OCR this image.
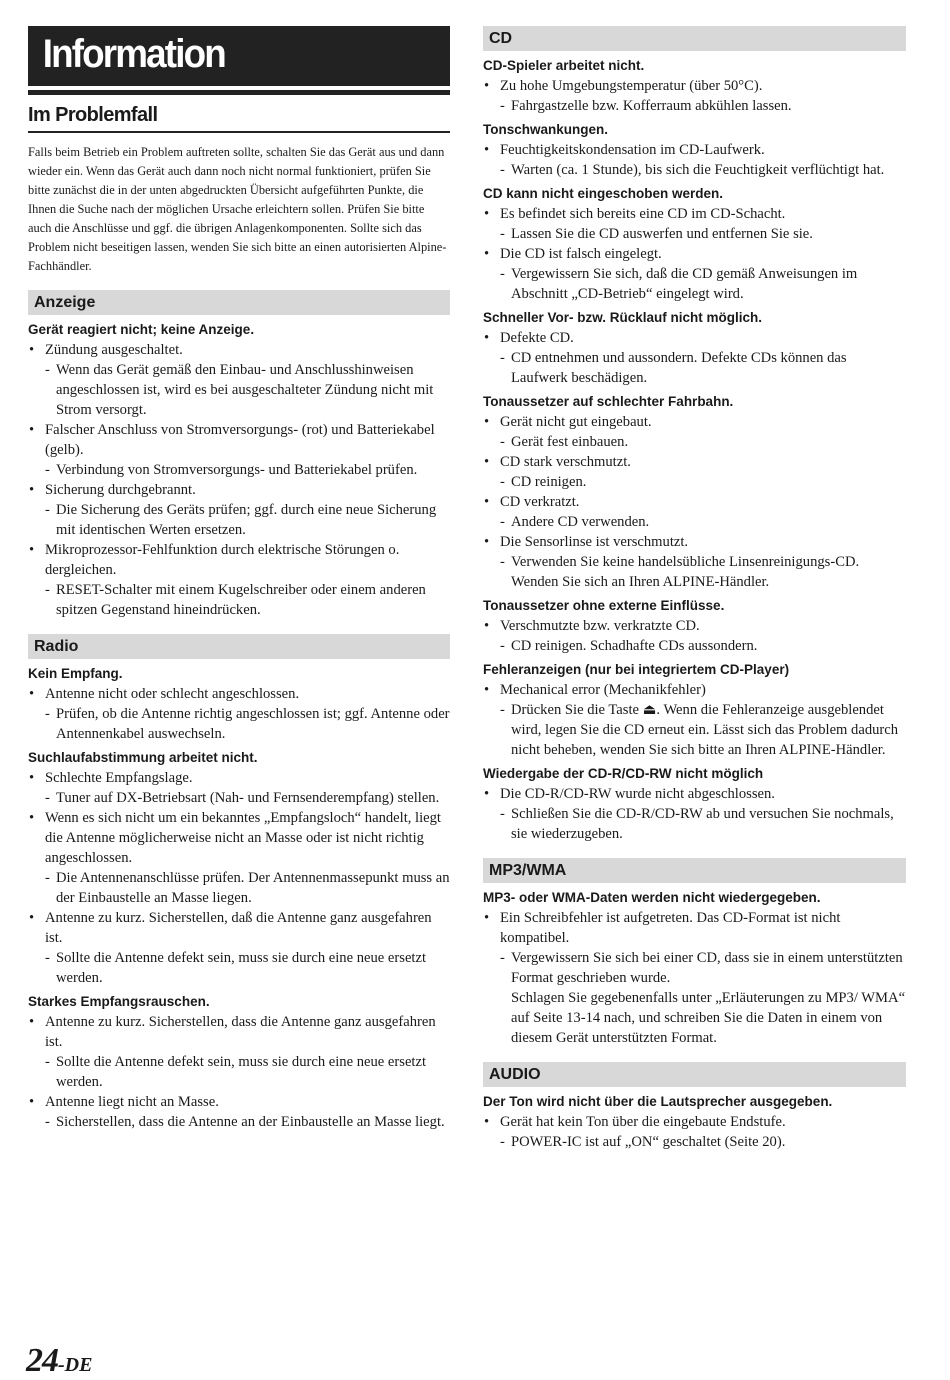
Information
Im Problemfall

Falls beim Betrieb ein Problem auftreten sollte, schalten Sie das Gerät aus und dann wieder ein. Wenn das Gerät auch dann noch nicht normal funktioniert, prüfen Sie bitte zunächst die in der unten abgedruckten Übersicht aufgeführten Punkte, die Ihnen die Suche nach der möglichen Ursache erleichtern sollen. Prüfen Sie bitte auch die Anschlüsse und ggf. die übrigen Anlagenkomponenten. Sollte sich das Problem nicht beseitigen lassen, wenden Sie sich bitte an einen autorisierten Alpine-Fachhändler.

Anzeige
Gerät reagiert nicht; keine Anzeige.
• Zündung ausgeschaltet.
- Wenn das Gerät gemäß den Einbau- und Anschlusshinweisen angeschlossen ist, wird es bei ausgeschalteter Zündung nicht mit Strom versorgt.
• Falscher Anschluss von Stromversorgungs- (rot) und Batteriekabel (gelb).
- Verbindung von Stromversorgungs- und Batteriekabel prüfen.
• Sicherung durchgebrannt.
- Die Sicherung des Geräts prüfen; ggf. durch eine neue Sicherung mit identischen Werten ersetzen.
• Mikroprozessor-Fehlfunktion durch elektrische Störungen o. dergleichen.
- RESET-Schalter mit einem Kugelschreiber oder einem anderen spitzen Gegenstand hineindrücken.
Radio
Kein Empfang.
• Antenne nicht oder schlecht angeschlossen.
- Prüfen, ob die Antenne richtig angeschlossen ist; ggf. Antenne oder Antennenkabel auswechseln.
Suchlaufabstimmung arbeitet nicht.
• Schlechte Empfangslage.
- Tuner auf DX-Betriebsart (Nah- und Fernsenderempfang) stellen.
• Wenn es sich nicht um ein bekanntes „Empfangsloch“ handelt, liegt die Antenne möglicherweise nicht an Masse oder ist nicht richtig angeschlossen.
- Die Antennenanschlüsse prüfen. Der Antennenmassepunkt muss an der Einbaustelle an Masse liegen.
• Antenne zu kurz. Sicherstellen, daß die Antenne ganz ausgefahren ist.
- Sollte die Antenne defekt sein, muss sie durch eine neue ersetzt werden.
Starkes Empfangsrauschen.
• Antenne zu kurz. Sicherstellen, dass die Antenne ganz ausgefahren ist.
- Sollte die Antenne defekt sein, muss sie durch eine neue ersetzt werden.
• Antenne liegt nicht an Masse.
- Sicherstellen, dass die Antenne an der Einbaustelle an Masse liegt.
CD
CD-Spieler arbeitet nicht.
• Zu hohe Umgebungstemperatur (über 50°C).
- Fahrgastzelle bzw. Kofferraum abkühlen lassen.
Tonschwankungen.
• Feuchtigkeitskondensation im CD-Laufwerk.
- Warten (ca. 1 Stunde), bis sich die Feuchtigkeit verflüchtigt hat.
CD kann nicht eingeschoben werden.
• Es befindet sich bereits eine CD im CD-Schacht.
- Lassen Sie die CD auswerfen und entfernen Sie sie.
• Die CD ist falsch eingelegt.
- Vergewissern Sie sich, daß die CD gemäß Anweisungen im Abschnitt „CD-Betrieb“ eingelegt wird.
Schneller Vor- bzw. Rücklauf nicht möglich.
• Defekte CD.
- CD entnehmen und aussondern. Defekte CDs können das Laufwerk beschädigen.
Tonaussetzer auf schlechter Fahrbahn.
• Gerät nicht gut eingebaut.
- Gerät fest einbauen.
• CD stark verschmutzt.
- CD reinigen.
• CD verkratzt.
- Andere CD verwenden.
• Die Sensorlinse ist verschmutzt.
- Verwenden Sie keine handelsübliche Linsenreinigungs-CD. Wenden Sie sich an Ihren ALPINE-Händler.
Tonaussetzer ohne externe Einflüsse.
• Verschmutzte bzw. verkratzte CD.
- CD reinigen. Schadhafte CDs aussondern.
Fehleranzeigen (nur bei integriertem CD-Player)
• Mechanical error (Mechanikfehler)
- Drücken Sie die Taste ⏏. Wenn die Fehleranzeige ausgeblendet wird, legen Sie die CD erneut ein. Lässt sich das Problem dadurch nicht beheben, wenden Sie sich bitte an Ihren ALPINE-Händler.
Wiedergabe der CD-R/CD-RW nicht möglich
• Die CD-R/CD-RW wurde nicht abgeschlossen.
- Schließen Sie die CD-R/CD-RW ab und versuchen Sie nochmals, sie wiederzugeben.
MP3/WMA
MP3- oder WMA-Daten werden nicht wiedergegeben.
• Ein Schreibfehler ist aufgetreten. Das CD-Format ist nicht kompatibel.
- Vergewissern Sie sich bei einer CD, dass sie in einem unterstützten Format geschrieben wurde.
Schlagen Sie gegebenenfalls unter „Erläuterungen zu MP3/ WMA“ auf Seite 13-14 nach, und schreiben Sie die Daten in einem von diesem Gerät unterstützten Format.
AUDIO
Der Ton wird nicht über die Lautsprecher ausgegeben.
• Gerät hat kein Ton über die eingebaute Endstufe.
- POWER-IC ist auf „ON“ geschaltet (Seite 20).
24-DE
